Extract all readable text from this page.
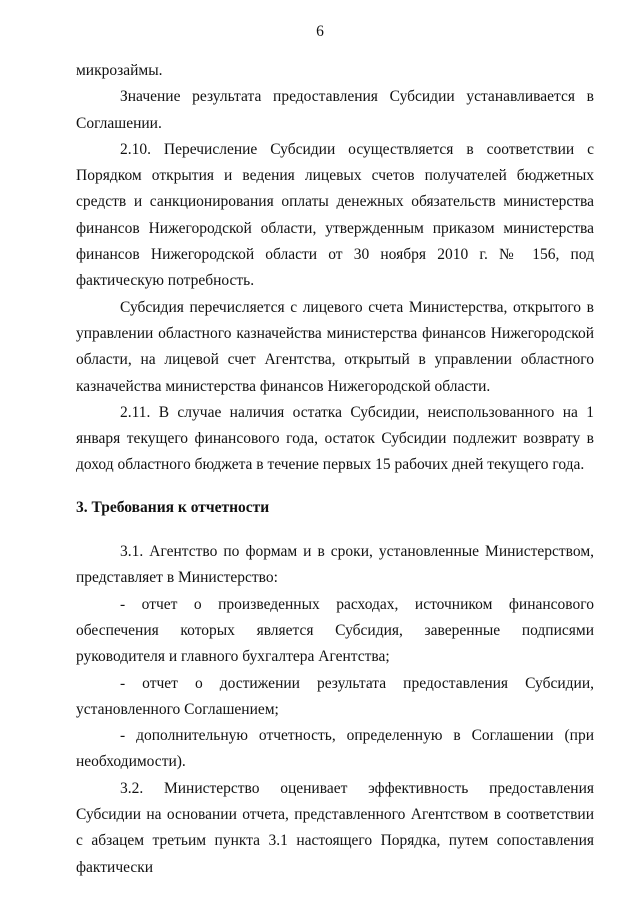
6

микрозаймы.

Значение результата предоставления Субсидии устанавливается в Соглашении.

2.10. Перечисление Субсидии осуществляется в соответствии с Порядком открытия и ведения лицевых счетов получателей бюджетных средств и санкционирования оплаты денежных обязательств министерства финансов Нижегородской области, утвержденным приказом министерства финансов Нижегородской области от 30 ноября 2010 г. № 156, под фактическую потребность.

Субсидия перечисляется с лицевого счета Министерства, открытого в управлении областного казначейства министерства финансов Нижегородской области, на лицевой счет Агентства, открытый в управлении областного казначейства министерства финансов Нижегородской области.

2.11. В случае наличия остатка Субсидии, неиспользованного на 1 января текущего финансового года, остаток Субсидии подлежит возврату в доход областного бюджета в течение первых 15 рабочих дней текущего года.

3. Требования к отчетности

3.1. Агентство по формам и в сроки, установленные Министерством, представляет в Министерство:

- отчет о произведенных расходах, источником финансового обеспечения которых является Субсидия, заверенные подписями руководителя и главного бухгалтера Агентства;

- отчет о достижении результата предоставления Субсидии, установленного Соглашением;

- дополнительную отчетность, определенную в Соглашении (при необходимости).

3.2. Министерство оценивает эффективность предоставления Субсидии на основании отчета, представленного Агентством в соответствии с абзацем третьим пункта 3.1 настоящего Порядка, путем сопоставления фактически
